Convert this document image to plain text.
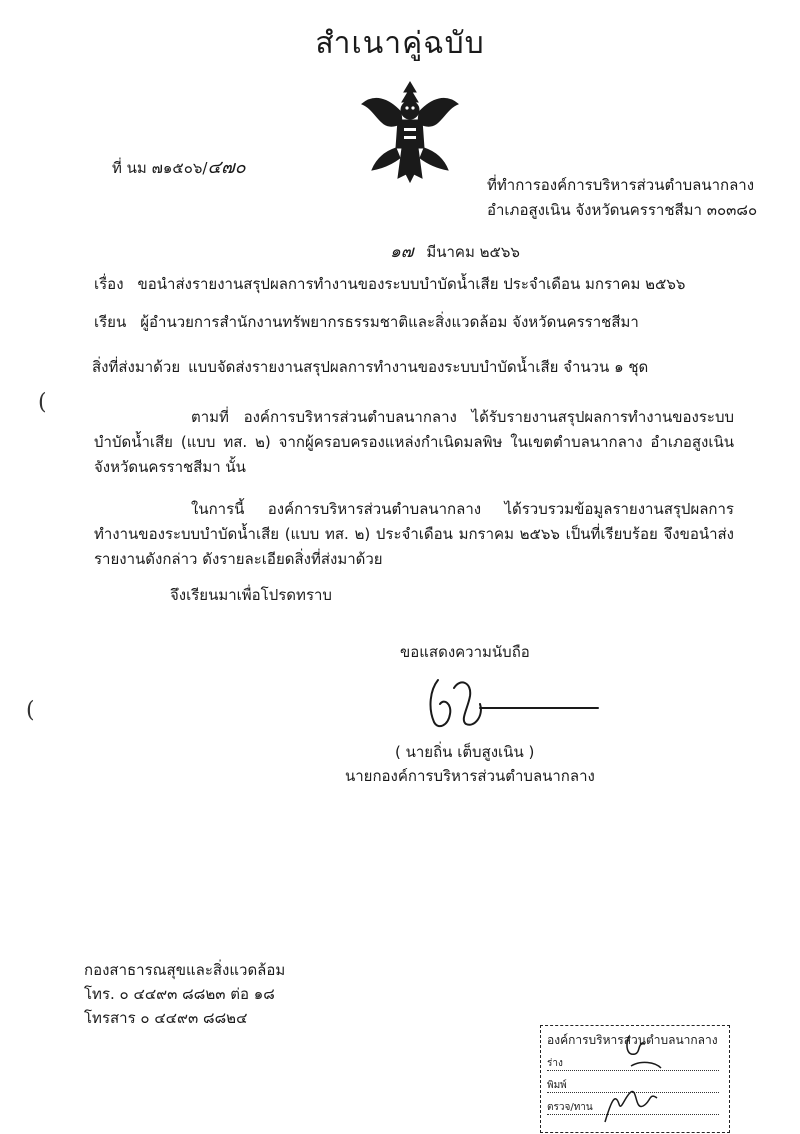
สำเนาคู่ฉบับ
ที่ นม ๗๑๕๐๖/๔๗๐
ที่ทำการองค์การบริหารส่วนตำบลนากลาง
อำเภอสูงเนิน จังหวัดนครราชสีมา ๓๐๓๘๐
๑๗ มีนาคม ๒๕๖๖
เรื่อง ขอนำส่งรายงานสรุปผลการทำงานของระบบบำบัดน้ำเสีย ประจำเดือน มกราคม ๒๕๖๖
เรียน ผู้อำนวยการสำนักงานทรัพยากรธรรมชาติและสิ่งแวดล้อม จังหวัดนครราชสีมา
สิ่งที่ส่งมาด้วย แบบจัดส่งรายงานสรุปผลการทำงานของระบบบำบัดน้ำเสีย จำนวน ๑ ชุด
ตามที่ องค์การบริหารส่วนตำบลนากลาง ได้รับรายงานสรุปผลการทำงานของระบบบำบัดน้ำเสีย (แบบ ทส. ๒) จากผู้ครอบครองแหล่งกำเนิดมลพิษ ในเขตตำบลนากลาง อำเภอสูงเนิน จังหวัดนครราชสีมา นั้น
ในการนี้ องค์การบริหารส่วนตำบลนากลาง ได้รวบรวมข้อมูลรายงานสรุปผลการทำงานของระบบบำบัดน้ำเสีย (แบบ ทส. ๒) ประจำเดือน มกราคม ๒๕๖๖ เป็นที่เรียบร้อย จึงขอนำส่งรายงานดังกล่าว ดังรายละเอียดสิ่งที่ส่งมาด้วย
จึงเรียนมาเพื่อโปรดทราบ
ขอแสดงความนับถือ
( นายถิ่น เต็บสูงเนิน )
นายกองค์การบริหารส่วนตำบลนากลาง
กองสาธารณสุขและสิ่งแวดล้อม
โทร. ๐ ๔๔๙๓ ๘๘๒๓ ต่อ ๑๘
โทรสาร ๐ ๔๔๙๓ ๘๘๒๔
องค์การบริหารส่วนตำบลนากลาง
ร่าง
พิมพ์
ตรวจ/ทาน
(
(
